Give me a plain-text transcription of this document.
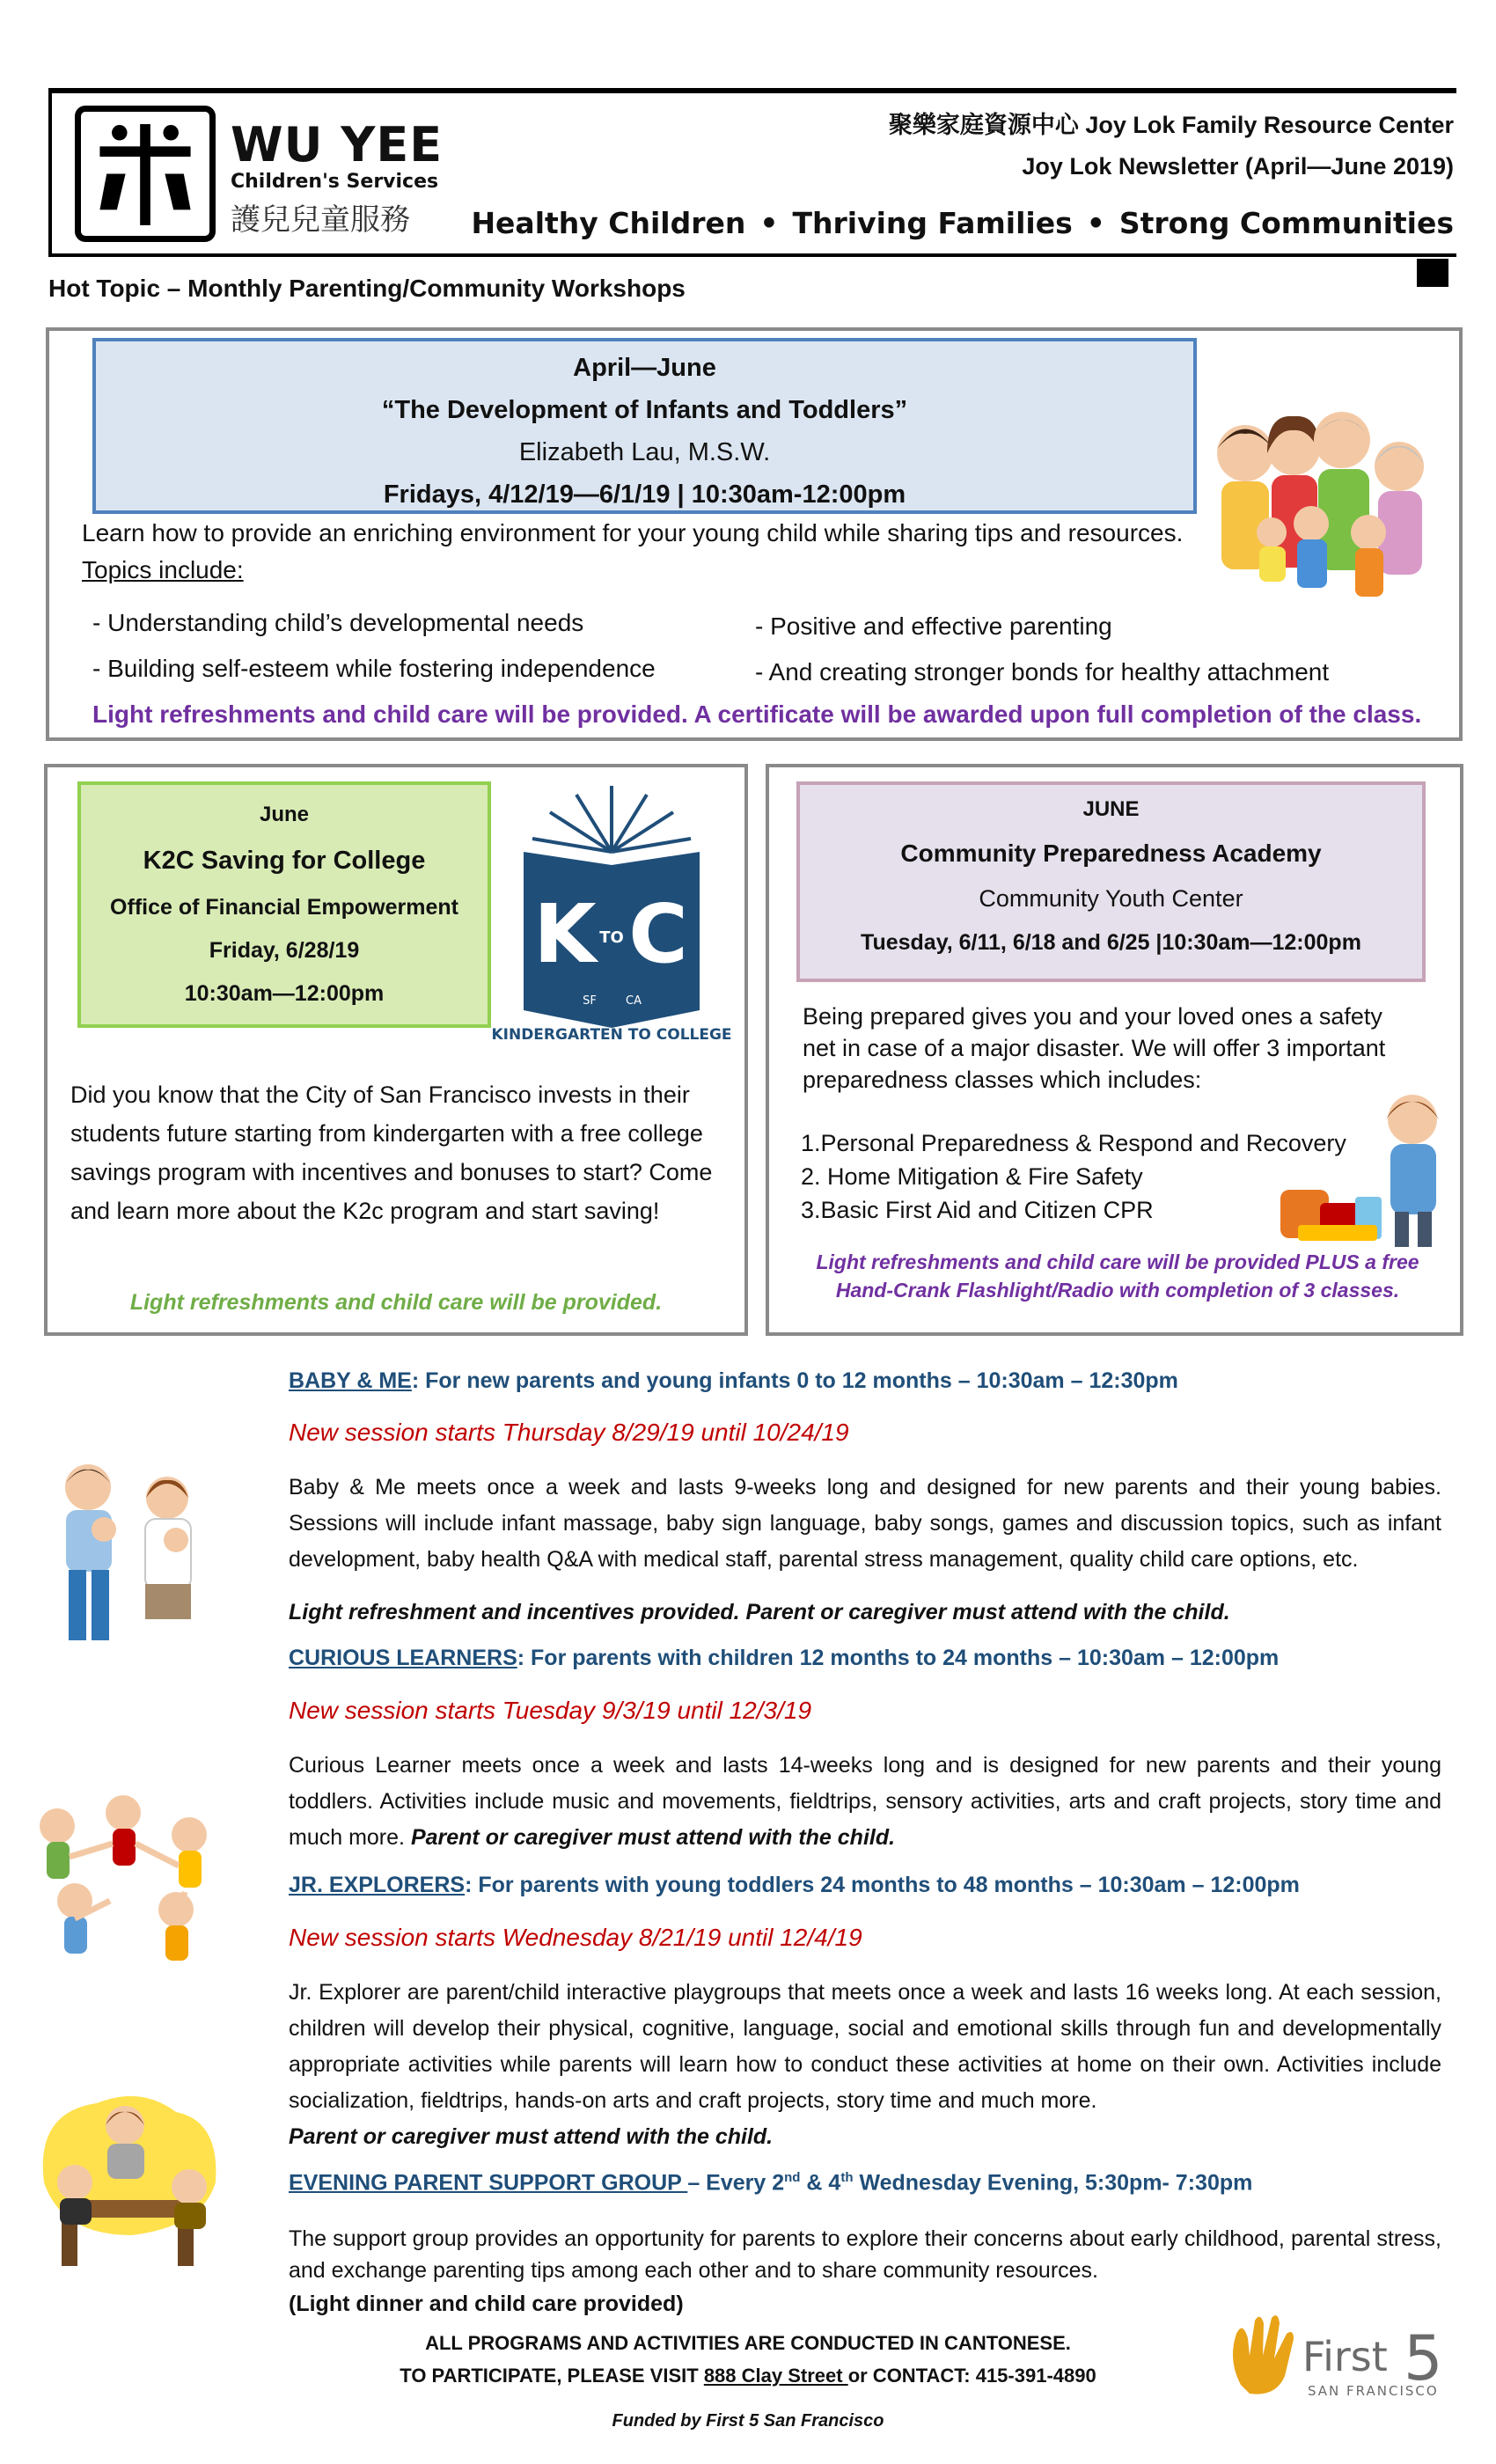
WU YEE
Children's Services
護兒兒童服務
聚樂家庭資源中心 Joy Lok Family Resource Center
Joy Lok Newsletter (April—June 2019)
Healthy Children • Thriving Families • Strong Communities
Hot Topic – Monthly Parenting/Community Workshops
April—June
“The Development of Infants and Toddlers”
Elizabeth Lau, M.S.W.
Fridays, 4/12/19—6/1/19 | 10:30am-12:00pm
Learn how to provide an enriching environment for your young child while sharing tips and resources.
Topics include:
- Understanding child’s developmental needs
- Building self-esteem while fostering independence
- Positive and effective parenting
- And creating stronger bonds for healthy attachment
Light refreshments and child care will be provided. A certificate will be awarded upon full completion of the class.
June
K2C Saving for College
Office of Financial Empowerment
Friday, 6/28/19
10:30am—12:00pm
K TO C
SF	CA
KINDERGARTEN TO COLLEGE
Did you know that the City of San Francisco invests in their students future starting from kindergarten with a free college savings program with incentives and bonuses to start? Come and learn more about the K2c program and start saving!
Light refreshments and child care will be provided.
JUNE
Community Preparedness Academy
Community Youth Center
Tuesday, 6/11, 6/18 and 6/25 |10:30am—12:00pm
Being prepared gives you and your loved ones a safety net in case of a major disaster. We will offer 3 important preparedness classes which includes:
1.Personal Preparedness & Respond and Recovery
2. Home Mitigation & Fire Safety
3.Basic First Aid and Citizen CPR
Light refreshments and child care will be provided PLUS a free
Hand-Crank Flashlight/Radio with completion of 3 classes.
BABY & ME: For new parents and young infants 0 to 12 months – 10:30am – 12:30pm
New session starts Thursday 8/29/19 until 10/24/19
Baby & Me meets once a week and lasts 9-weeks long and designed for new parents and their young babies. Sessions will include infant massage, baby sign language, baby songs, games and discussion topics, such as infant development, baby health Q&A with medical staff, parental stress management, quality child care options, etc.
Light refreshment and incentives provided. Parent or caregiver must attend with the child.
CURIOUS LEARNERS: For parents with children 12 months to 24 months – 10:30am – 12:00pm
New session starts Tuesday 9/3/19 until 12/3/19
Curious Learner meets once a week and lasts 14-weeks long and is designed for new parents and their young toddlers. Activities include music and movements, fieldtrips, sensory activities, arts and craft projects, story time and much more. Parent or caregiver must attend with the child.
JR. EXPLORERS: For parents with young toddlers 24 months to 48 months – 10:30am – 12:00pm
New session starts Wednesday 8/21/19 until 12/4/19
Jr. Explorer are parent/child interactive playgroups that meets once a week and lasts 16 weeks long. At each session, children will develop their physical, cognitive, language, social and emotional skills through fun and developmentally appropriate activities while parents will learn how to conduct these activities at home on their own. Activities include socialization, fieldtrips, hands-on arts and craft projects, story time and much more.
Parent or caregiver must attend with the child.
EVENING PARENT SUPPORT GROUP – Every 2nd & 4th Wednesday Evening, 5:30pm- 7:30pm
The support group provides an opportunity for parents to explore their concerns about early childhood, parental stress, and exchange parenting tips among each other and to share community resources.
(Light dinner and child care provided)
ALL PROGRAMS AND ACTIVITIES ARE CONDUCTED IN CANTONESE.
TO PARTICIPATE, PLEASE VISIT 888 Clay Street or CONTACT: 415-391-4890
Funded by First 5 San Francisco
First 5
SAN FRANCISCO
